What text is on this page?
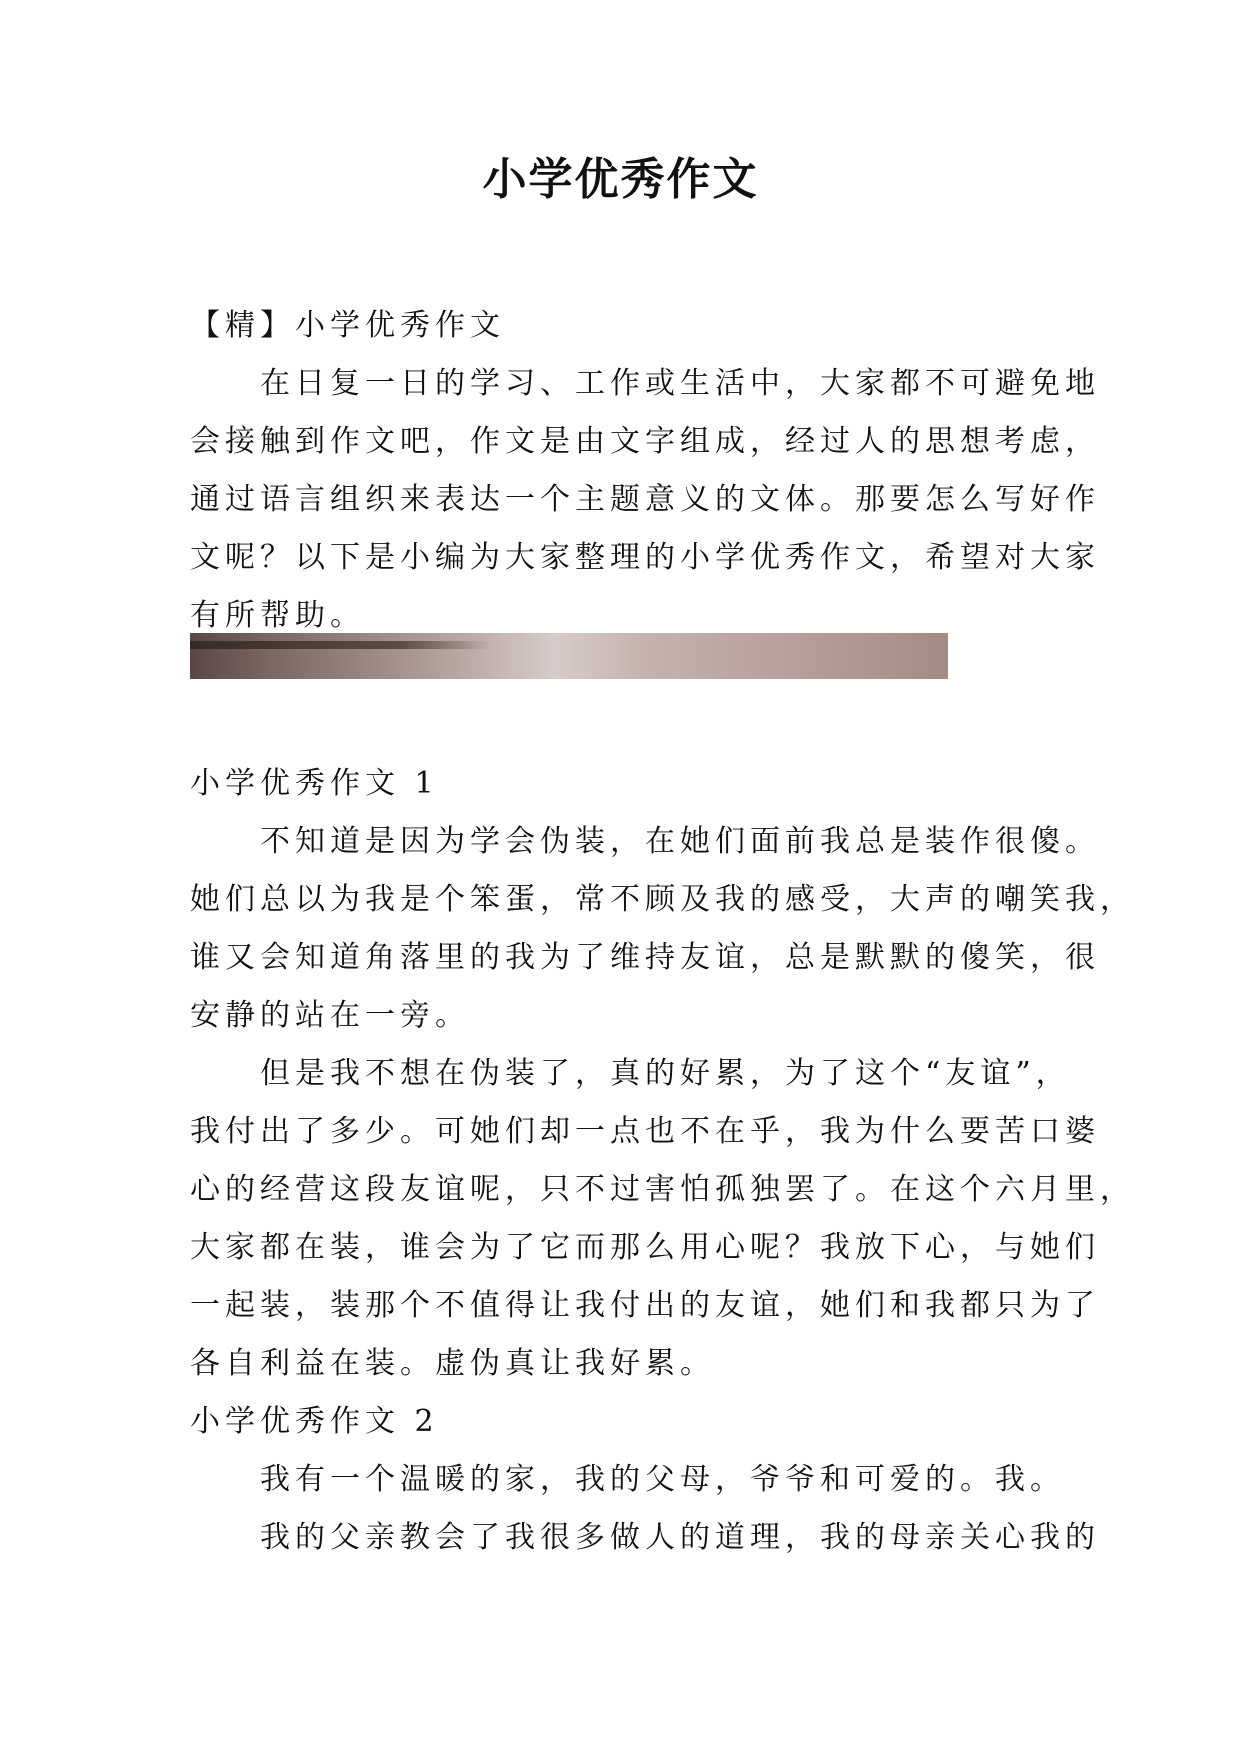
小学优秀作文
【精】小学优秀作文
　　在日复一日的学习、工作或生活中，大家都不可避免地
会接触到作文吧，作文是由文字组成，经过人的思想考虑，
通过语言组织来表达一个主题意义的文体。那要怎么写好作
文呢？以下是小编为大家整理的小学优秀作文，希望对大家
有所帮助。
小学优秀作文 1
　　不知道是因为学会伪装，在她们面前我总是装作很傻。
她们总以为我是个笨蛋，常不顾及我的感受，大声的嘲笑我，
谁又会知道角落里的我为了维持友谊，总是默默的傻笑，很
安静的站在一旁。
　　但是我不想在伪装了，真的好累，为了这个“友谊”，
我付出了多少。可她们却一点也不在乎，我为什么要苦口婆
心的经营这段友谊呢，只不过害怕孤独罢了。在这个六月里，
大家都在装，谁会为了它而那么用心呢？我放下心，与她们
一起装，装那个不值得让我付出的友谊，她们和我都只为了
各自利益在装。虚伪真让我好累。
小学优秀作文 2
　　我有一个温暖的家，我的父母，爷爷和可爱的。我。
　　我的父亲教会了我很多做人的道理，我的母亲关心我的
